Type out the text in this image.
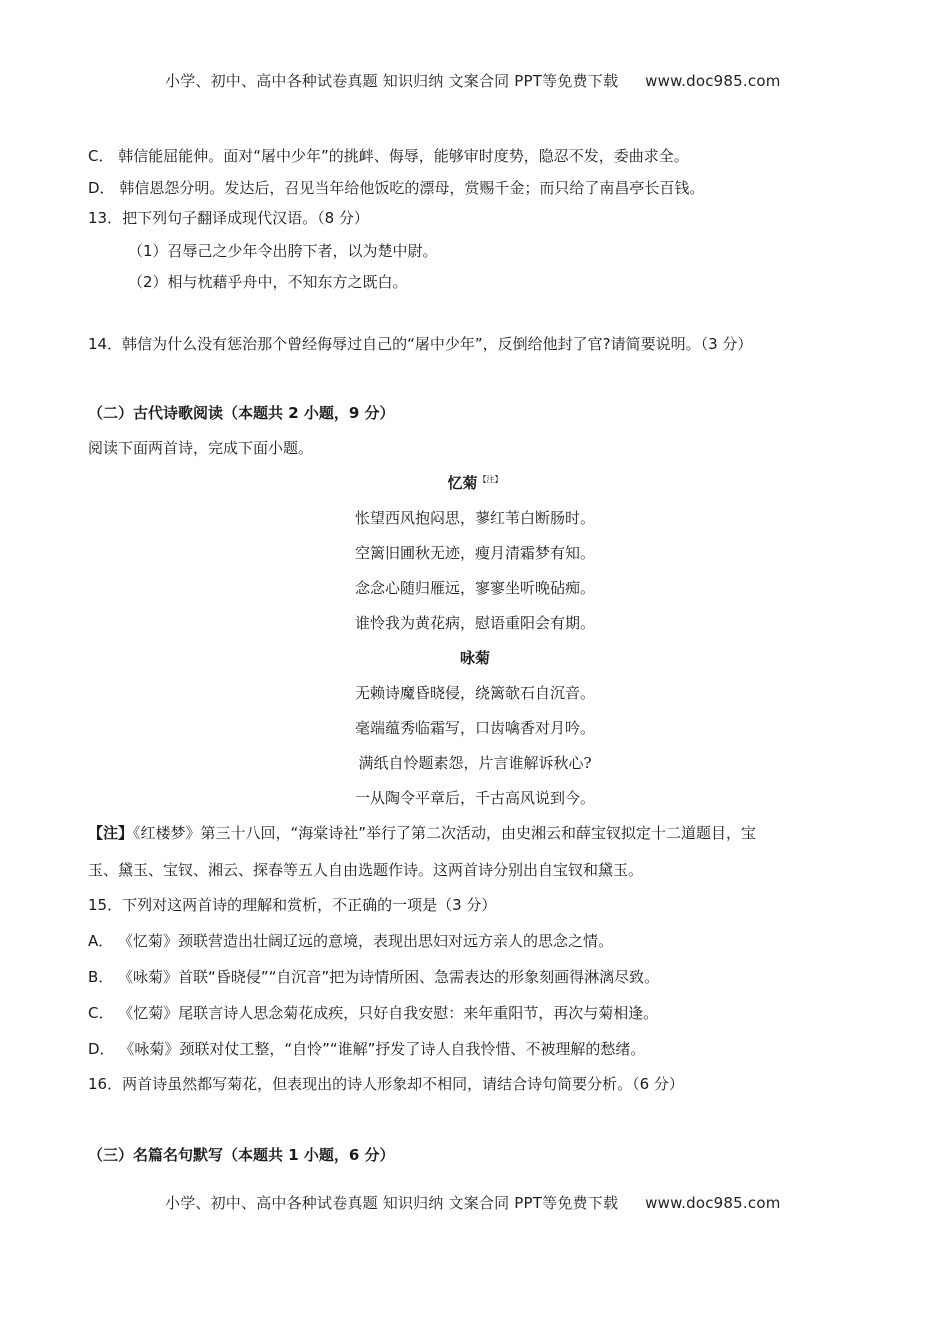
小学、初中、高中各种试卷真题 知识归纳 文案合同 PPT等免费下载 www.doc985.com
C． 韩信能屈能伸。面对“屠中少年”的挑衅、侮辱，能够审时度势，隐忍不发，委曲求全。
D． 韩信恩怨分明。发达后，召见当年给他饭吃的漂母，赏赐千金；而只给了南昌亭长百钱。
13．把下列句子翻译成现代汉语。（8 分）
（1）召辱己之少年令出胯下者，以为楚中尉。
（2）相与枕藉乎舟中，不知东方之既白。
14．韩信为什么没有惩治那个曾经侮辱过自己的“屠中少年”，反倒给他封了官?请简要说明。（3 分）
（二）古代诗歌阅读（本题共 2 小题，9 分）
阅读下面两首诗，完成下面小题。
忆菊$^{【注】}$
怅望西风抱闷思，蓼红苇白断肠时。
空篱旧圃秋无迹，瘦月清霜梦有知。
念念心随归雁远，寥寥坐听晚砧痴。
谁怜我为黄花病，慰语重阳会有期。
咏菊
无赖诗魔昏晓侵，绕篱欹石自沉音。
毫端蕴秀临霜写，口齿噙香对月吟。
满纸自怜题素怨，片言谁解诉秋心?
一从陶令平章后，千古高风说到今。
【注】《红楼梦》第三十八回，“海棠诗社”举行了第二次活动，由史湘云和薛宝钗拟定十二道题目，宝
玉、黛玉、宝钗、湘云、探春等五人自由选题作诗。这两首诗分别出自宝钗和黛玉。
15．下列对这两首诗的理解和赏析，不正确的一项是（3 分）
A． 《忆菊》颈联营造出壮阔辽远的意境，表现出思妇对远方亲人的思念之情。
B． 《咏菊》首联“昏晓侵”“自沉音”把为诗情所困、急需表达的形象刻画得淋漓尽致。
C． 《忆菊》尾联言诗人思念菊花成疾，只好自我安慰：来年重阳节，再次与菊相逢。
D． 《咏菊》颈联对仗工整，“自怜”“谁解”抒发了诗人自我怜惜、不被理解的愁绪。
16．两首诗虽然都写菊花，但表现出的诗人形象却不相同，请结合诗句简要分析。（6 分）
（三）名篇名句默写（本题共 1 小题，6 分）
小学、初中、高中各种试卷真题 知识归纳 文案合同 PPT等免费下载 www.doc985.com
